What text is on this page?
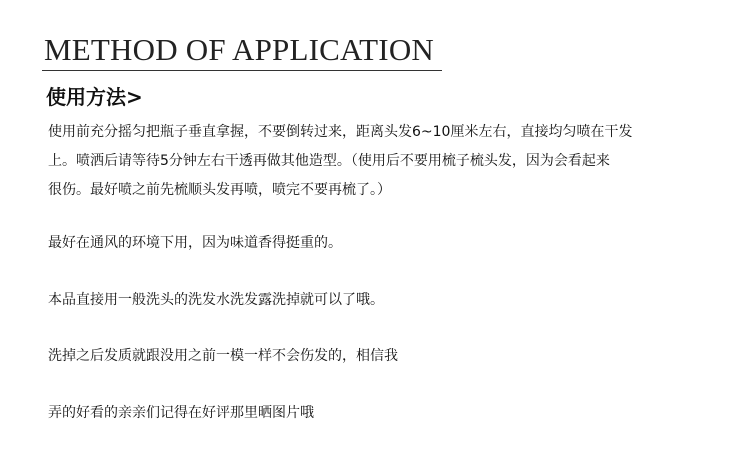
METHOD OF APPLICATION
使用方法>
使用前充分摇匀把瓶子垂直拿握，不要倒转过来，距离头发6~10厘米左右，直接均匀喷在干发
上。喷洒后请等待5分钟左右干透再做其他造型。（使用后不要用梳子梳头发，因为会看起来
很伤。最好喷之前先梳顺头发再喷，喷完不要再梳了。）
最好在通风的环境下用，因为味道香得挺重的。
本品直接用一般洗头的洗发水洗发露洗掉就可以了哦。
洗掉之后发质就跟没用之前一模一样不会伤发的，相信我
弄的好看的亲亲们记得在好评那里晒图片哦
